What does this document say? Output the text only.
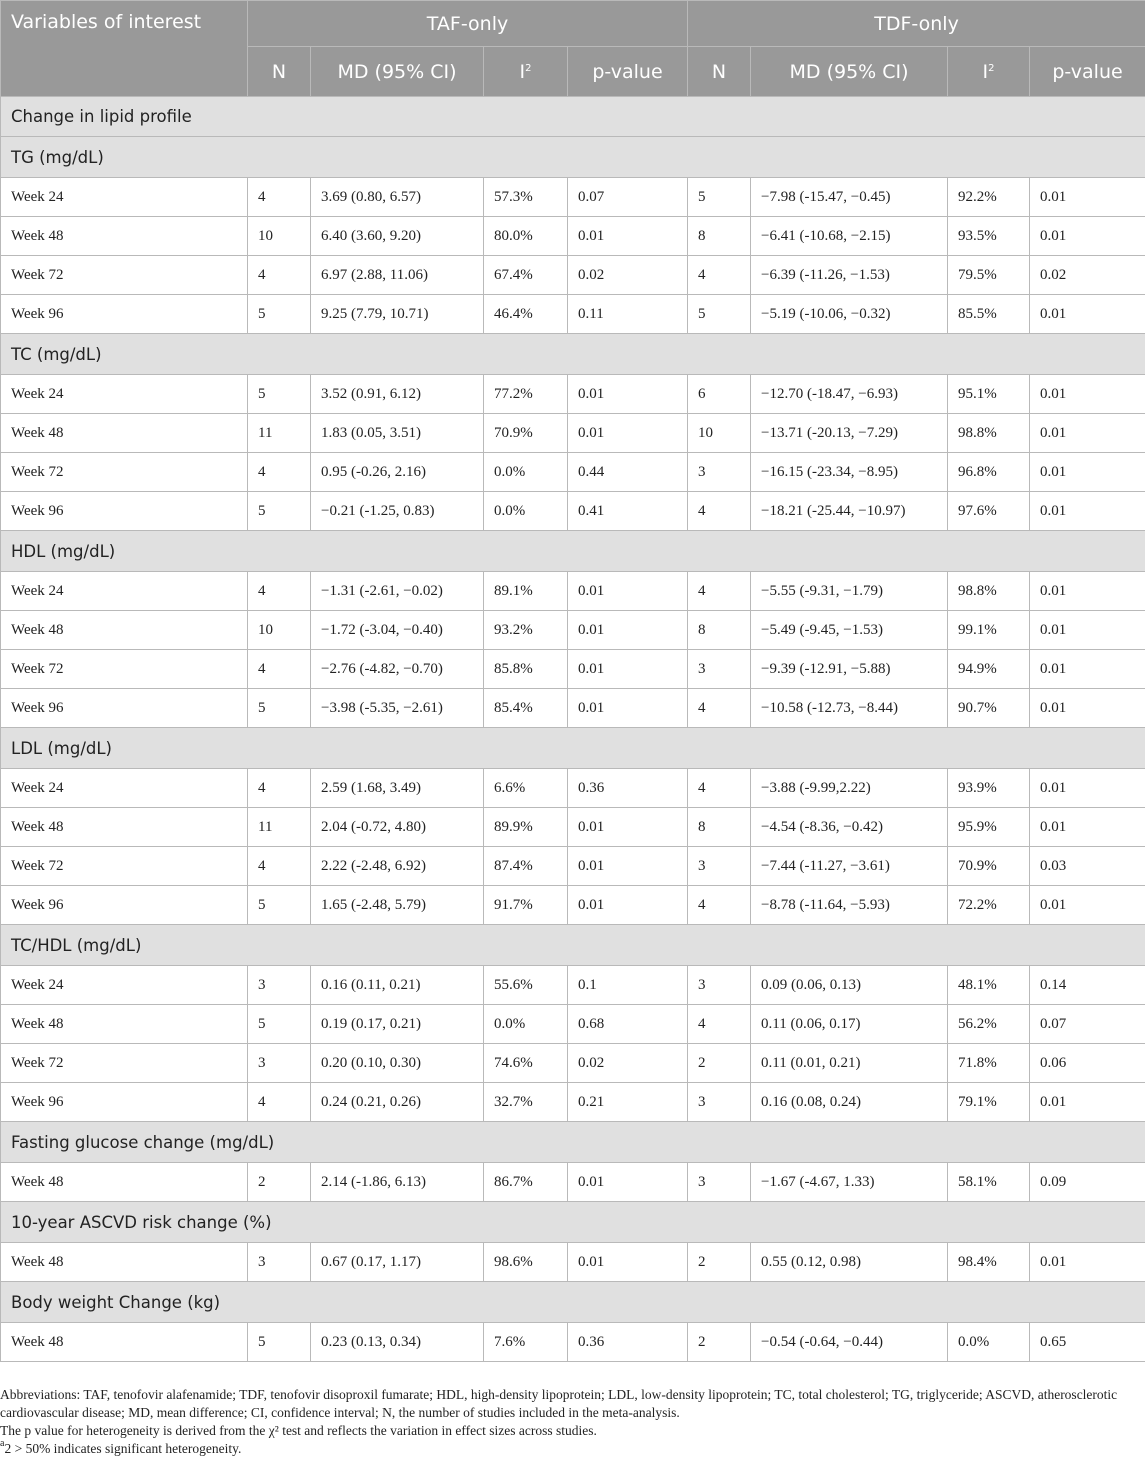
Variables of interest	TAF-only				TDF-only			
	N	MD (95% CI)	$I^2$	p-value	N	MD (95% CI)	$I^2$	p-value
Change in lipid profile								
TG (mg/dL)								
Week 24	4	3.69 (0.80, 6.57)	57.3%	0.07	5	−7.98 (-15.47, −0.45)	92.2%	0.01
Week 48	10	6.40 (3.60, 9.20)	80.0%	0.01	8	−6.41 (-10.68, −2.15)	93.5%	0.01
Week 72	4	6.97 (2.88, 11.06)	67.4%	0.02	4	−6.39 (-11.26, −1.53)	79.5%	0.02
Week 96	5	9.25 (7.79, 10.71)	46.4%	0.11	5	−5.19 (-10.06, −0.32)	85.5%	0.01
TC (mg/dL)								
Week 24	5	3.52 (0.91, 6.12)	77.2%	0.01	6	−12.70 (-18.47, −6.93)	95.1%	0.01
Week 48	11	1.83 (0.05, 3.51)	70.9%	0.01	10	−13.71 (-20.13, −7.29)	98.8%	0.01
Week 72	4	0.95 (-0.26, 2.16)	0.0%	0.44	3	−16.15 (-23.34, −8.95)	96.8%	0.01
Week 96	5	−0.21 (-1.25, 0.83)	0.0%	0.41	4	−18.21 (-25.44, −10.97)	97.6%	0.01
HDL (mg/dL)								
Week 24	4	−1.31 (-2.61, −0.02)	89.1%	0.01	4	−5.55 (-9.31, −1.79)	98.8%	0.01
Week 48	10	−1.72 (-3.04, −0.40)	93.2%	0.01	8	−5.49 (-9.45, −1.53)	99.1%	0.01
Week 72	4	−2.76 (-4.82, −0.70)	85.8%	0.01	3	−9.39 (-12.91, −5.88)	94.9%	0.01
Week 96	5	−3.98 (-5.35, −2.61)	85.4%	0.01	4	−10.58 (-12.73, −8.44)	90.7%	0.01
LDL (mg/dL)								
Week 24	4	2.59 (1.68, 3.49)	6.6%	0.36	4	−3.88 (-9.99,2.22)	93.9%	0.01
Week 48	11	2.04 (-0.72, 4.80)	89.9%	0.01	8	−4.54 (-8.36, −0.42)	95.9%	0.01
Week 72	4	2.22 (-2.48, 6.92)	87.4%	0.01	3	−7.44 (-11.27, −3.61)	70.9%	0.03
Week 96	5	1.65 (-2.48, 5.79)	91.7%	0.01	4	−8.78 (-11.64, −5.93)	72.2%	0.01
TC/HDL (mg/dL)								
Week 24	3	0.16 (0.11, 0.21)	55.6%	0.1	3	0.09 (0.06, 0.13)	48.1%	0.14
Week 48	5	0.19 (0.17, 0.21)	0.0%	0.68	4	0.11 (0.06, 0.17)	56.2%	0.07
Week 72	3	0.20 (0.10, 0.30)	74.6%	0.02	2	0.11 (0.01, 0.21)	71.8%	0.06
Week 96	4	0.24 (0.21, 0.26)	32.7%	0.21	3	0.16 (0.08, 0.24)	79.1%	0.01
Fasting glucose change (mg/dL)								
Week 48	2	2.14 (-1.86, 6.13)	86.7%	0.01	3	−1.67 (-4.67, 1.33)	58.1%	0.09
10-year ASCVD risk change (%)								
Week 48	3	0.67 (0.17, 1.17)	98.6%	0.01	2	0.55 (0.12, 0.98)	98.4%	0.01
Body weight Change (kg)								
Week 48	5	0.23 (0.13, 0.34)	7.6%	0.36	2	−0.54 (-0.64, −0.44)	0.0%	0.65

Abbreviations: TAF, tenofovir alafenamide; TDF, tenofovir disoproxil fumarate; HDL, high-density lipoprotein; LDL, low-density lipoprotein; TC, total cholesterol; TG, triglyceride; ASCVD, atherosclerotic cardiovascular disease; MD, mean difference; CI, confidence interval; N, the number of studies included in the meta-analysis.

The p value for heterogeneity is derived from the χ² test and reflects the variation in effect sizes across studies.

$^a$2 > 50% indicates significant heterogeneity.
